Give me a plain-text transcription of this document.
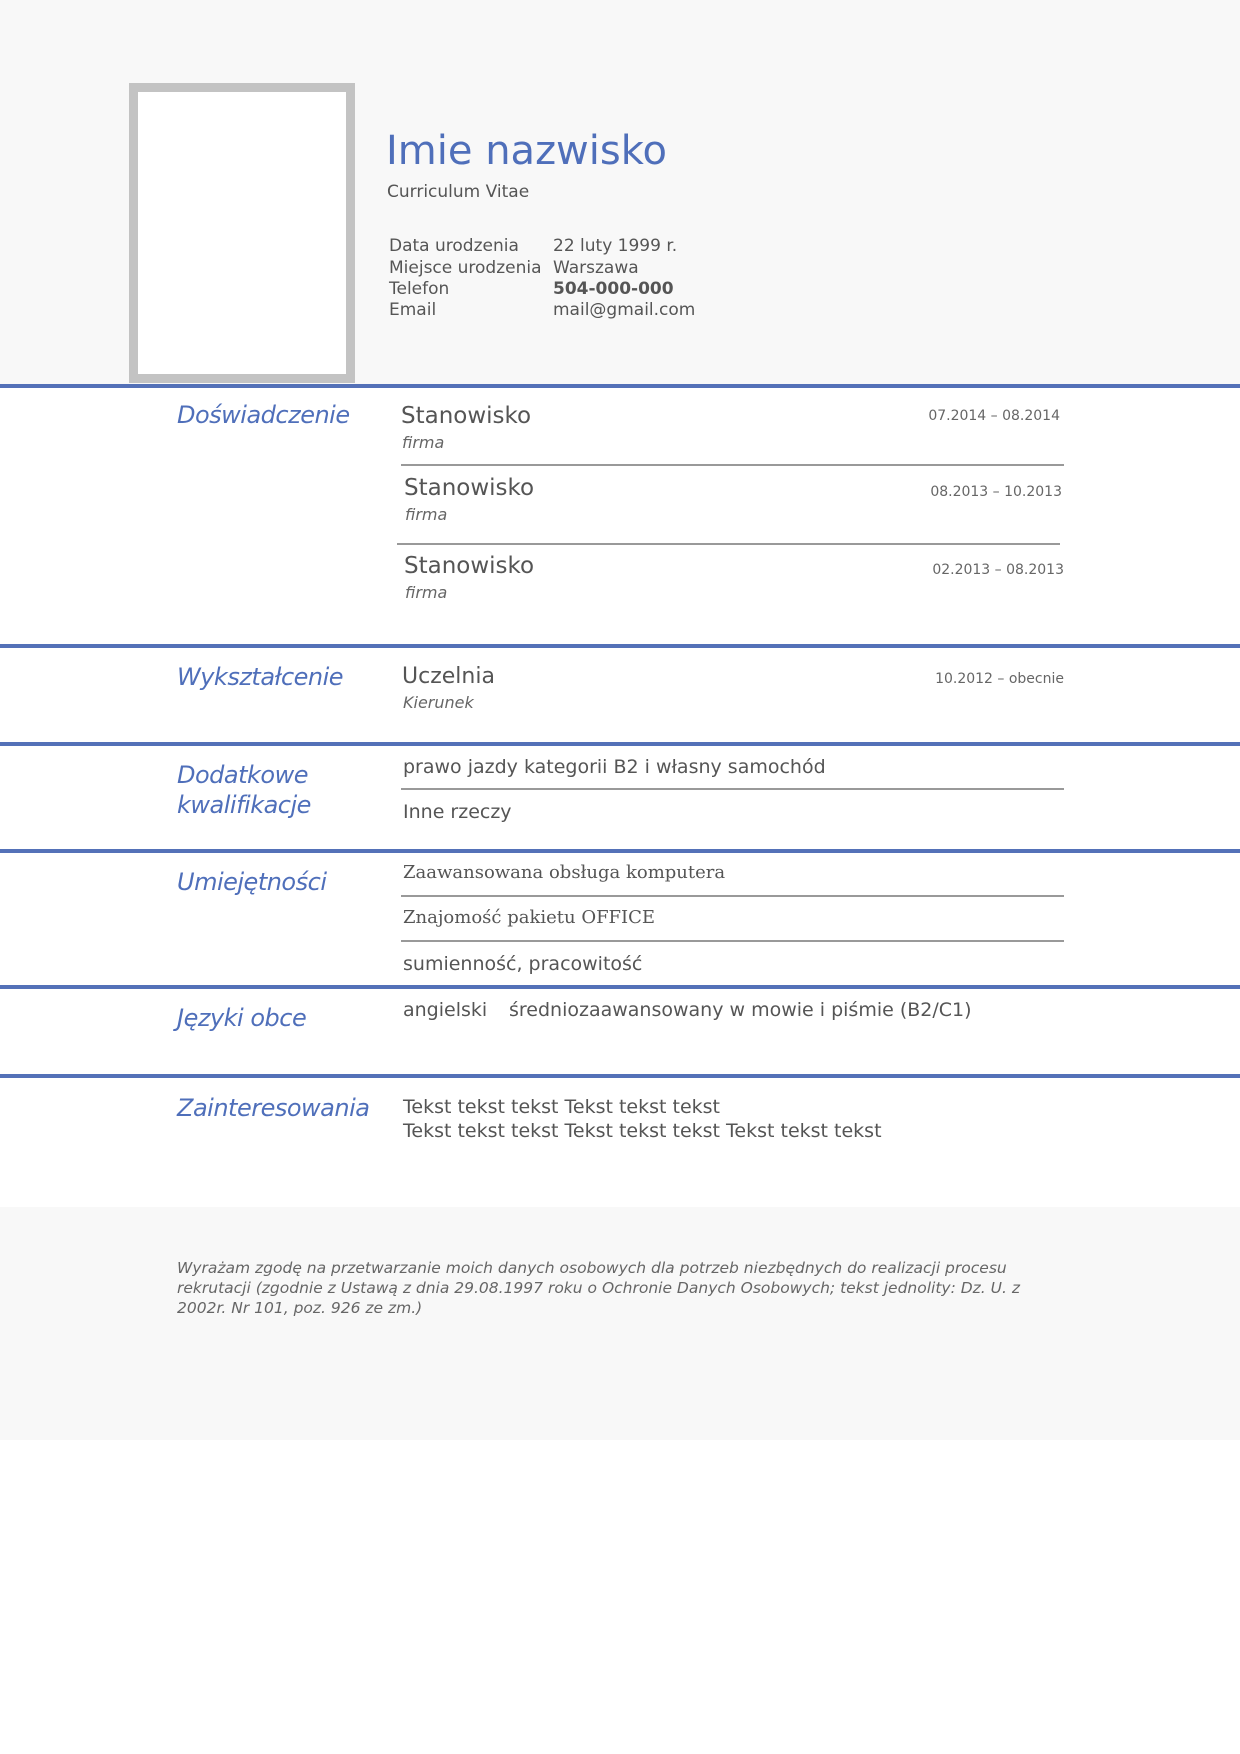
Imie nazwisko
Curriculum Vitae
Data urodzenia 22 luty 1999 r.
Miejsce urodzenia Warszawa
Telefon	504-000-000
Email	mail@gmail.com
Doświadczenie Stanowisko
firma
07.2014 – 08.2014
Stanowisko
firma
08.2013 – 10.2013
Stanowisko
firma
02.2013 – 08.2013
Wykształcenie	Uczelnia
Kierunek
10.2012 – obecnie
Dodatkowe
kwalifikacje
prawo jazdy kategorii B2 i własny samochód
Inne rzeczy
Umiejętności	Zaawansowana obsługa komputera
Znajomość pakietu OFFICE
sumienność, pracowitość
Języki obce	angielski średniozaawansowany w mowie i piśmie (B2/C1)
Zainteresowania Tekst tekst tekst Tekst tekst tekst
Tekst tekst tekst Tekst tekst tekst Tekst tekst tekst
Wyrażam zgodę na przetwarzanie moich danych osobowych dla potrzeb niezbędnych do realizacji procesu rekrutacji (zgodnie z Ustawą z dnia 29.08.1997 roku o Ochronie Danych Osobowych; tekst jednolity: Dz. U. z 2002r. Nr 101, poz. 926 ze zm.)
